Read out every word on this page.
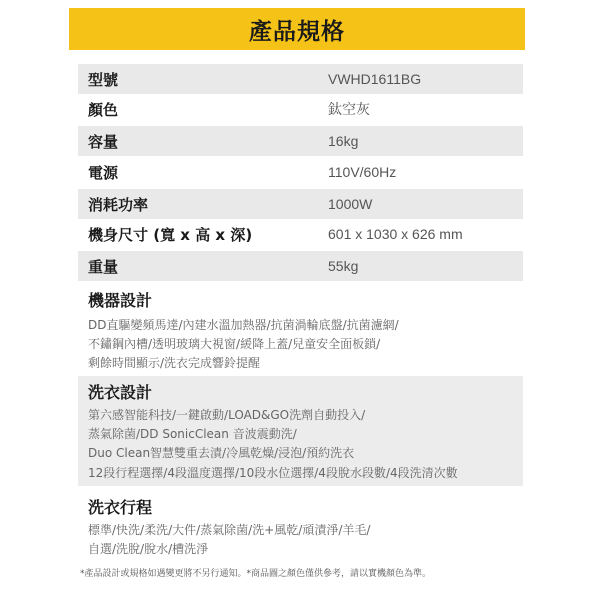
產品規格
型號	VWHD1611BG
顏色	鈦空灰
容量	16kg
電源	110V/60Hz
消耗功率	1000W
機身尺寸 (寬 x 高 x 深)	601 x 1030 x 626 mm
重量	55kg
機器設計
DD直驅變頻馬達/內建水溫加熱器/抗菌渦輪底盤/抗菌濾網/
不鏽鋼內槽/透明玻璃大視窗/緩降上蓋/兒童安全面板鎖/
剩餘時間顯示/洗衣完成響鈴提醒
洗衣設計
第六感智能科技/一鍵啟動/LOAD&GO洗劑自動投入/
蒸氣除菌/DD SonicClean 音波震動洗/
Duo Clean智慧雙重去漬/冷風乾燥/浸泡/預約洗衣
12段行程選擇/4段溫度選擇/10段水位選擇/4段脫水段數/4段洗清次數
洗衣行程
標準/快洗/柔洗/大件/蒸氣除菌/洗+風乾/頑漬淨/羊毛/
自選/洗脫/脫水/槽洗淨
*產品設計或規格如遇變更將不另行通知。*商品圖之顏色僅供參考，請以實機顏色為準。
